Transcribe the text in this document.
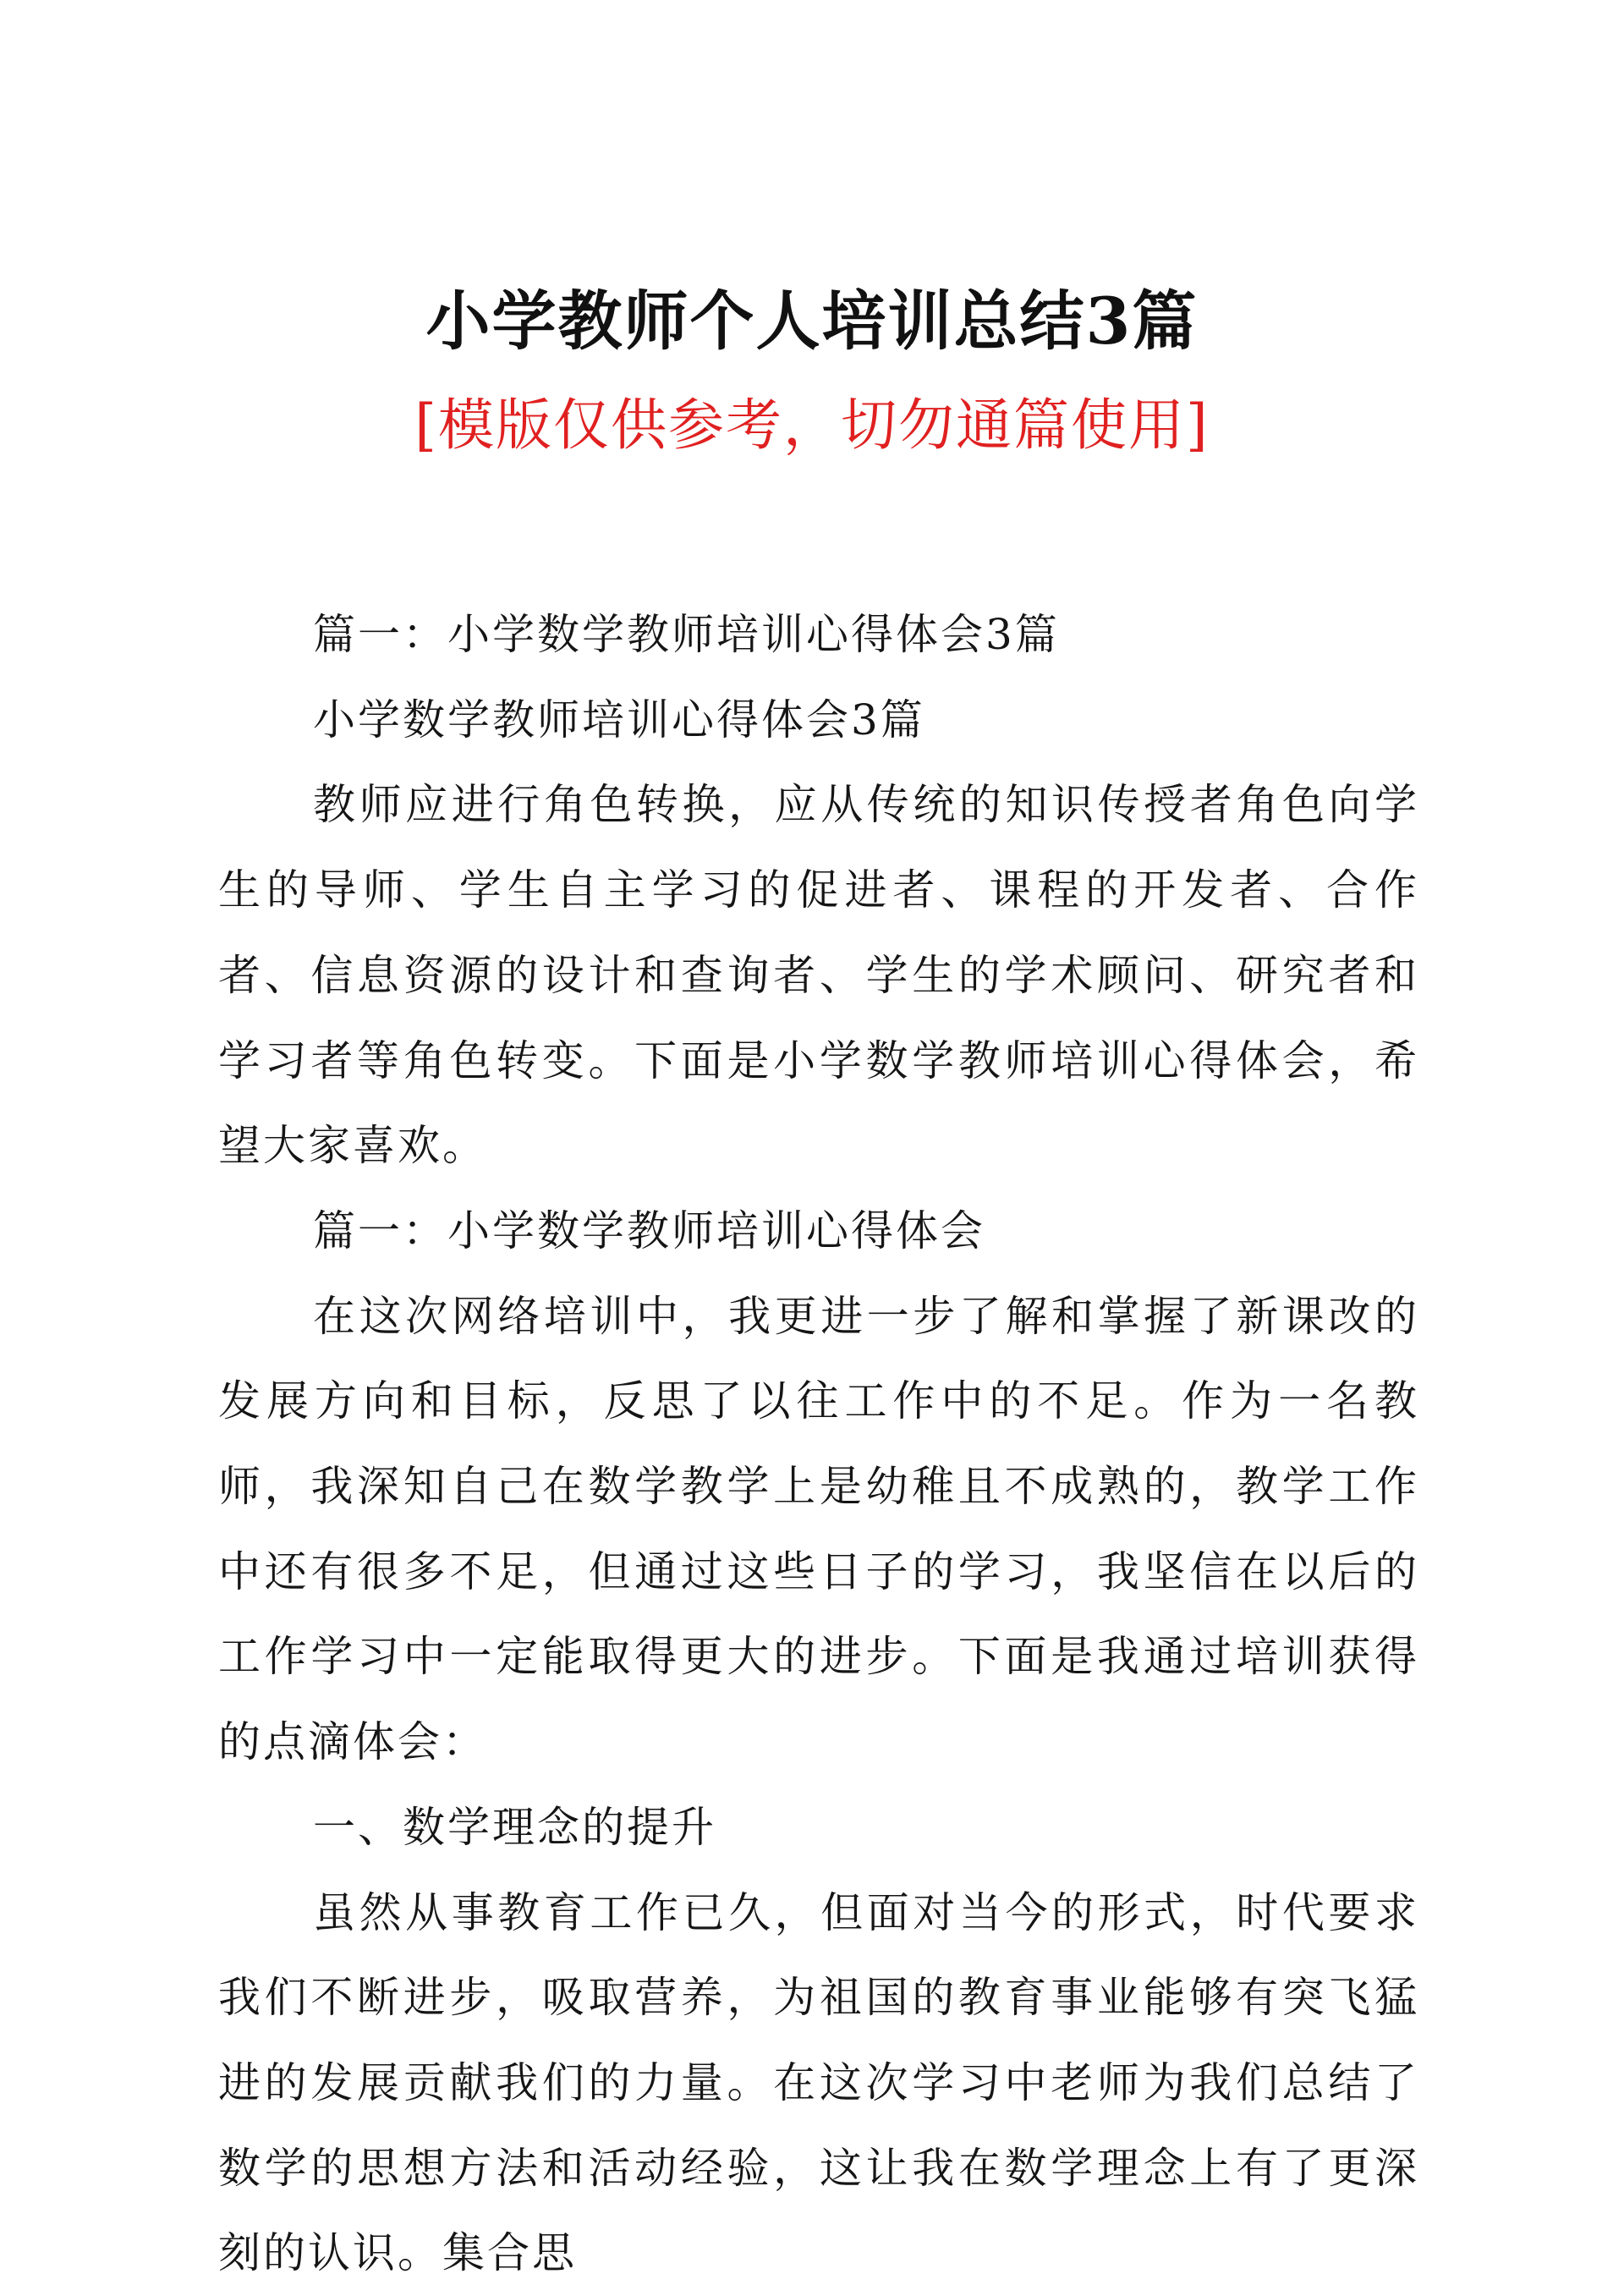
小学教师个人培训总结3篇
[模版仅供参考，切勿通篇使用]

篇一：小学数学教师培训心得体会3篇

小学数学教师培训心得体会3篇

教师应进行角色转换，应从传统的知识传授者角色向学生的导师、学生自主学习的促进者、课程的开发者、合作者、信息资源的设计和查询者、学生的学术顾问、研究者和学习者等角色转变。下面是小学数学教师培训心得体会，希望大家喜欢。

篇一：小学数学教师培训心得体会

在这次网络培训中，我更进一步了解和掌握了新课改的发展方向和目标，反思了以往工作中的不足。作为一名教师，我深知自己在数学教学上是幼稚且不成熟的，教学工作中还有很多不足，但通过这些日子的学习，我坚信在以后的工作学习中一定能取得更大的进步。下面是我通过培训获得的点滴体会：

一、数学理念的提升

虽然从事教育工作已久，但面对当今的形式，时代要求我们不断进步，吸取营养，为祖国的教育事业能够有突飞猛进的发展贡献我们的力量。在这次学习中老师为我们总结了数学的思想方法和活动经验，这让我在数学理念上有了更深刻的认识。集合思
